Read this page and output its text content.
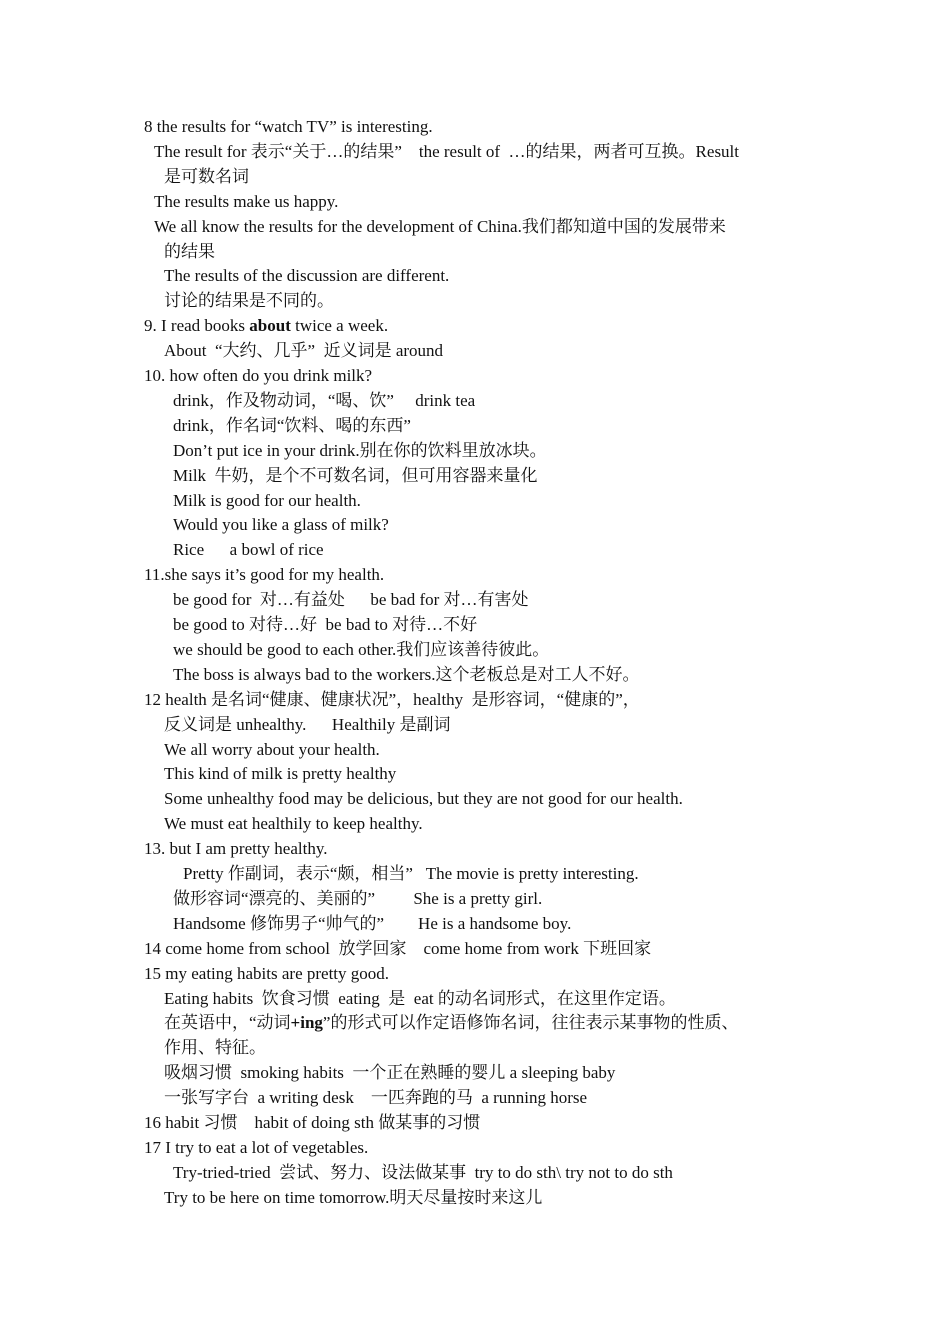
8 the results for “watch TV” is interesting.
The result for 表示“关于…的结果”    the result of  …的结果，两者可互换。Result
是可数名词
The results make us happy.
We all know the results for the development of China.我们都知道中国的发展带来
的结果
The results of the discussion are different.
讨论的结果是不同的。
9. I read books about twice a week.
About  “大约、几乎”  近义词是 around
10. how often do you drink milk?
drink，作及物动词，“喝、饮”     drink tea
drink，作名词“饮料、喝的东西”
Don’t put ice in your drink.别在你的饮料里放冰块。
Milk  牛奶，是个不可数名词，但可用容器来量化
Milk is good for our health.
Would you like a glass of milk?
Rice      a bowl of rice
11.she says it’s good for my health.
be good for  对…有益处      be bad for 对…有害处
be good to 对待…好  be bad to 对待…不好
we should be good to each other.我们应该善待彼此。
The boss is always bad to the workers.这个老板总是对工人不好。
12 health 是名词“健康、健康状况”，healthy  是形容词，“健康的”，
反义词是 unhealthy.      Healthily 是副词
We all worry about your health.
This kind of milk is pretty healthy
Some unhealthy food may be delicious, but they are not good for our health.
We must eat healthily to keep healthy.
13. but I am pretty healthy.
Pretty 作副词，表示“颇，相当”   The movie is pretty interesting.
做形容词“漂亮的、美丽的”         She is a pretty girl.
Handsome 修饰男子“帅气的”        He is a handsome boy.
14 come home from school  放学回家    come home from work 下班回家
15 my eating habits are pretty good.
Eating habits  饮食习惯  eating  是  eat 的动名词形式，在这里作定语。
在英语中，“动词+ing”的形式可以作定语修饰名词，往往表示某事物的性质、
作用、特征。
吸烟习惯  smoking habits  一个正在熟睡的婴儿 a sleeping baby
一张写字台  a writing desk    一匹奔跑的马  a running horse
16 habit 习惯    habit of doing sth 做某事的习惯
17 I try to eat a lot of vegetables.
Try-tried-tried  尝试、努力、设法做某事  try to do sth\ try not to do sth
Try to be here on time tomorrow.明天尽量按时来这儿
